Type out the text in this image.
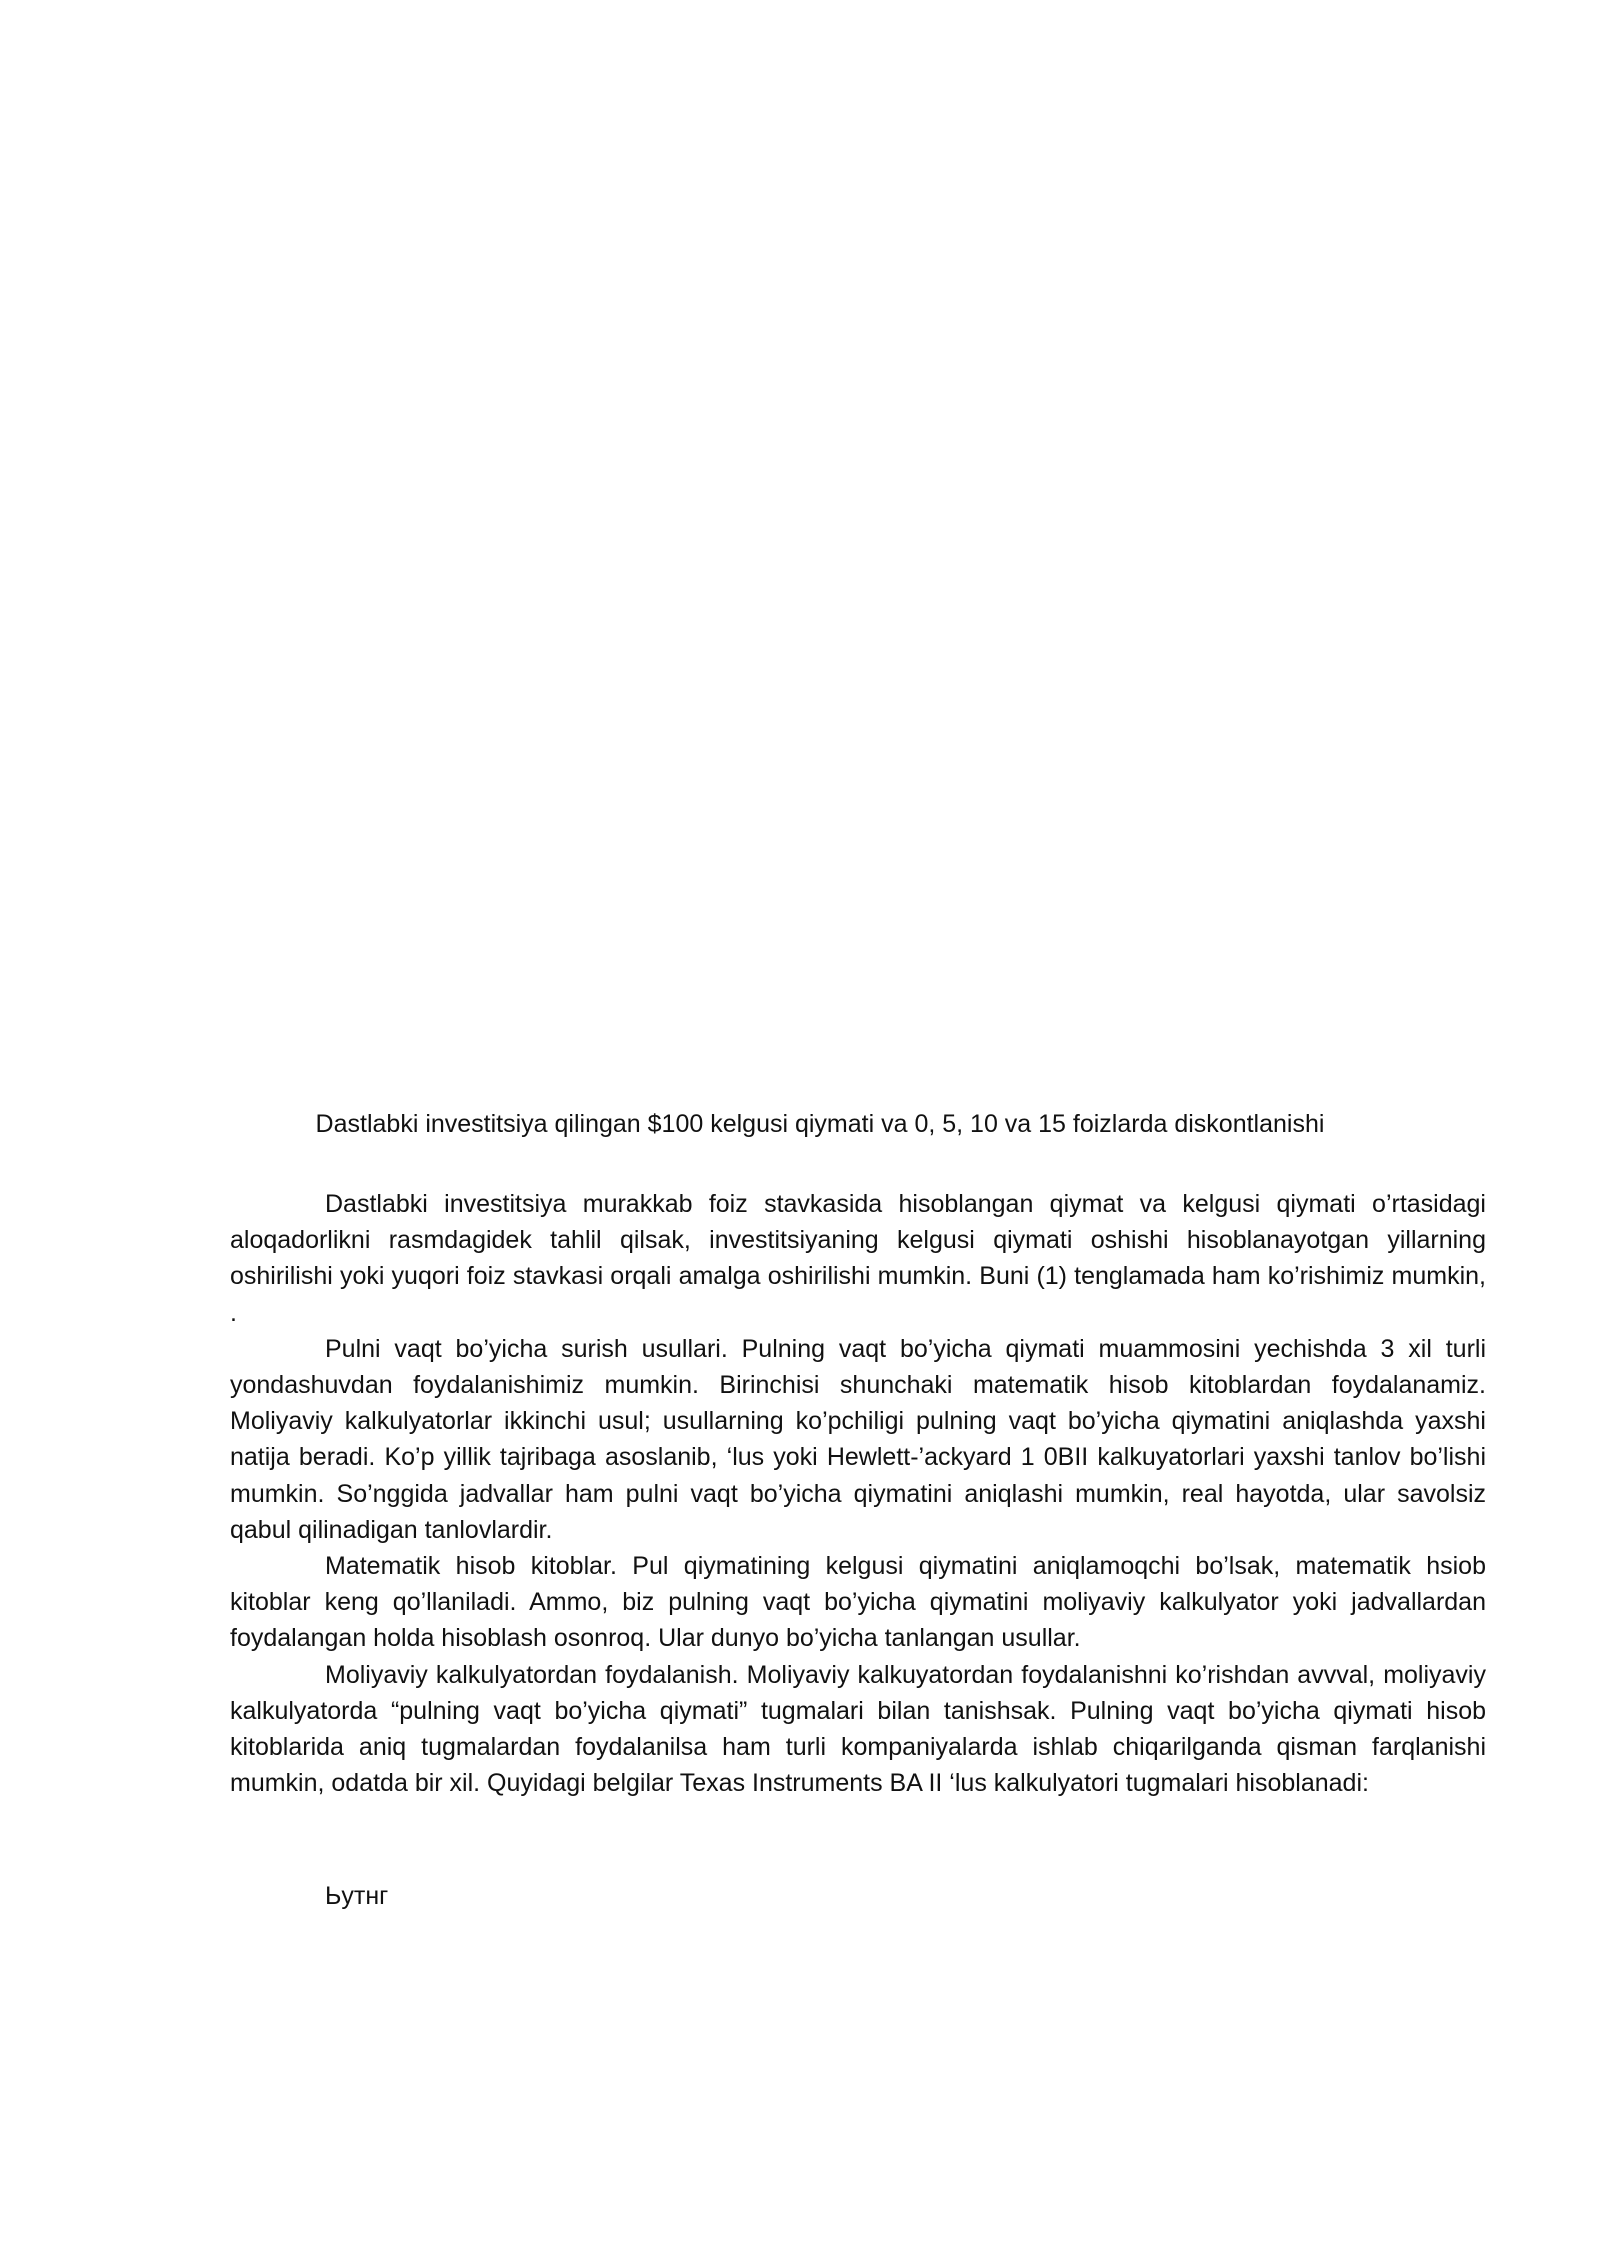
Dastlabki investitsiya qilingan $100 kelgusi qiymati va 0, 5, 10 va 15 foizlarda diskontlanishi

Dastlabki investitsiya murakkab foiz stavkasida hisoblangan qiymat va kelgusi qiymati o’rtasidagi aloqadorlikni rasmdagidek tahlil qilsak, investitsiyaning kelgusi qiymati oshishi hisoblanayotgan yillarning oshirilishi yoki yuqori foiz stavkasi orqali amalga oshirilishi mumkin. Buni (1) tenglamada ham ko’rishimiz mumkin, .

Pulni vaqt bo’yicha surish usullari. Pulning vaqt bo’yicha qiymati muammosini yechishda 3 xil turli yondashuvdan foydalanishimiz mumkin. Birinchisi shunchaki matematik hisob kitoblardan foydalanamiz. Moliyaviy kalkulyatorlar ikkinchi usul; usullarning ko’pchiligi pulning vaqt bo’yicha qiymatini aniqlashda yaxshi natija beradi. Ko’p yillik tajribaga asoslanib, ‘lus yoki Hewlett-’ackyard 1 0BII kalkuyatorlari yaxshi tanlov bo’lishi mumkin. So’nggida jadvallar ham pulni vaqt bo’yicha qiymatini aniqlashi mumkin, real hayotda, ular savolsiz qabul qilinadigan tanlovlardir.

Matematik hisob kitoblar. Pul qiymatining kelgusi qiymatini aniqlamoqchi bo’lsak, matematik hsiob kitoblar keng qo’llaniladi. Ammo, biz pulning vaqt bo’yicha qiymatini moliyaviy kalkulyator yoki jadvallardan foydalangan holda hisoblash osonroq. Ular dunyo bo’yicha tanlangan usullar.

Moliyaviy kalkulyatordan foydalanish. Moliyaviy kalkuyatordan foydalanishni ko’rishdan avvval, moliyaviy kalkulyatorda “pulning vaqt bo’yicha qiymati” tugmalari bilan tanishsak. Pulning vaqt bo’yicha qiymati hisob kitoblarida aniq tugmalardan foydalanilsa ham turli kompaniyalarda ishlab chiqarilganda qisman farqlanishi mumkin, odatda bir xil. Quyidagi belgilar Texas Instruments BA II ‘lus kalkulyatori tugmalari hisoblanadi:

Ьутнг
